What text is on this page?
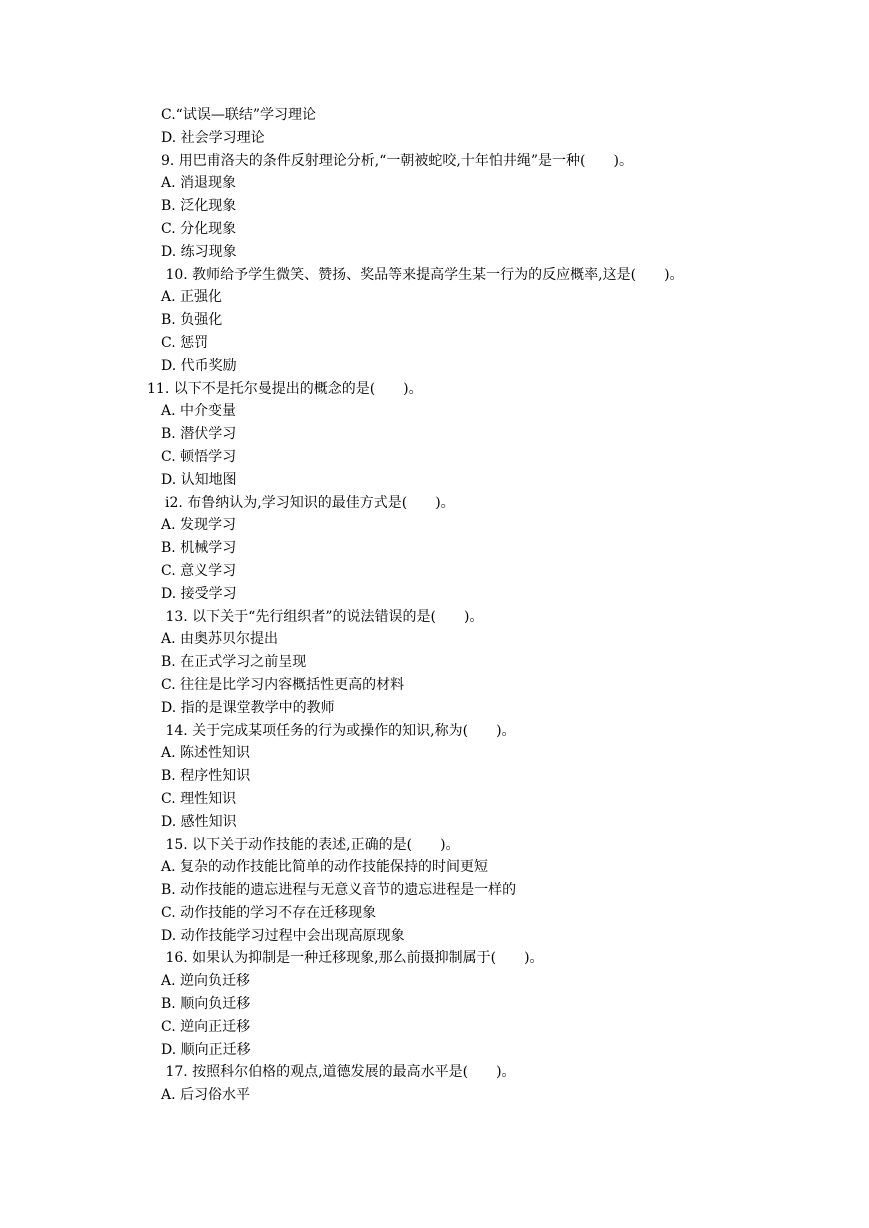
C.“试误—联结”学习理论
D. 社会学习理论
9. 用巴甫洛夫的条件反射理论分析,“一朝被蛇咬,十年怕井绳”是一种(　　)。
A. 消退现象
B. 泛化现象
C. 分化现象
D. 练习现象
10. 教师给予学生微笑、赞扬、奖品等来提高学生某一行为的反应概率,这是(　　)。
A. 正强化
B. 负强化
C. 惩罚
D. 代币奖励
11. 以下不是托尔曼提出的概念的是(　　)。
A. 中介变量
B. 潜伏学习
C. 顿悟学习
D. 认知地图
i2. 布鲁纳认为,学习知识的最佳方式是(　　)。
A. 发现学习
B. 机械学习
C. 意义学习
D. 接受学习
13. 以下关于“先行组织者”的说法错误的是(　　)。
A. 由奥苏贝尔提出
B. 在正式学习之前呈现
C. 往往是比学习内容概括性更高的材料
D. 指的是课堂教学中的教师
14. 关于完成某项任务的行为或操作的知识,称为(　　)。
A. 陈述性知识
B. 程序性知识
C. 理性知识
D. 感性知识
15. 以下关于动作技能的表述,正确的是(　　)。
A. 复杂的动作技能比简单的动作技能保持的时间更短
B. 动作技能的遗忘进程与无意义音节的遗忘进程是一样的
C. 动作技能的学习不存在迁移现象
D. 动作技能学习过程中会出现高原现象
16. 如果认为抑制是一种迁移现象,那么前摄抑制属于(　　)。
A. 逆向负迁移
B. 顺向负迁移
C. 逆向正迁移
D. 顺向正迁移
17. 按照科尔伯格的观点,道德发展的最高水平是(　　)。
A. 后习俗水平
